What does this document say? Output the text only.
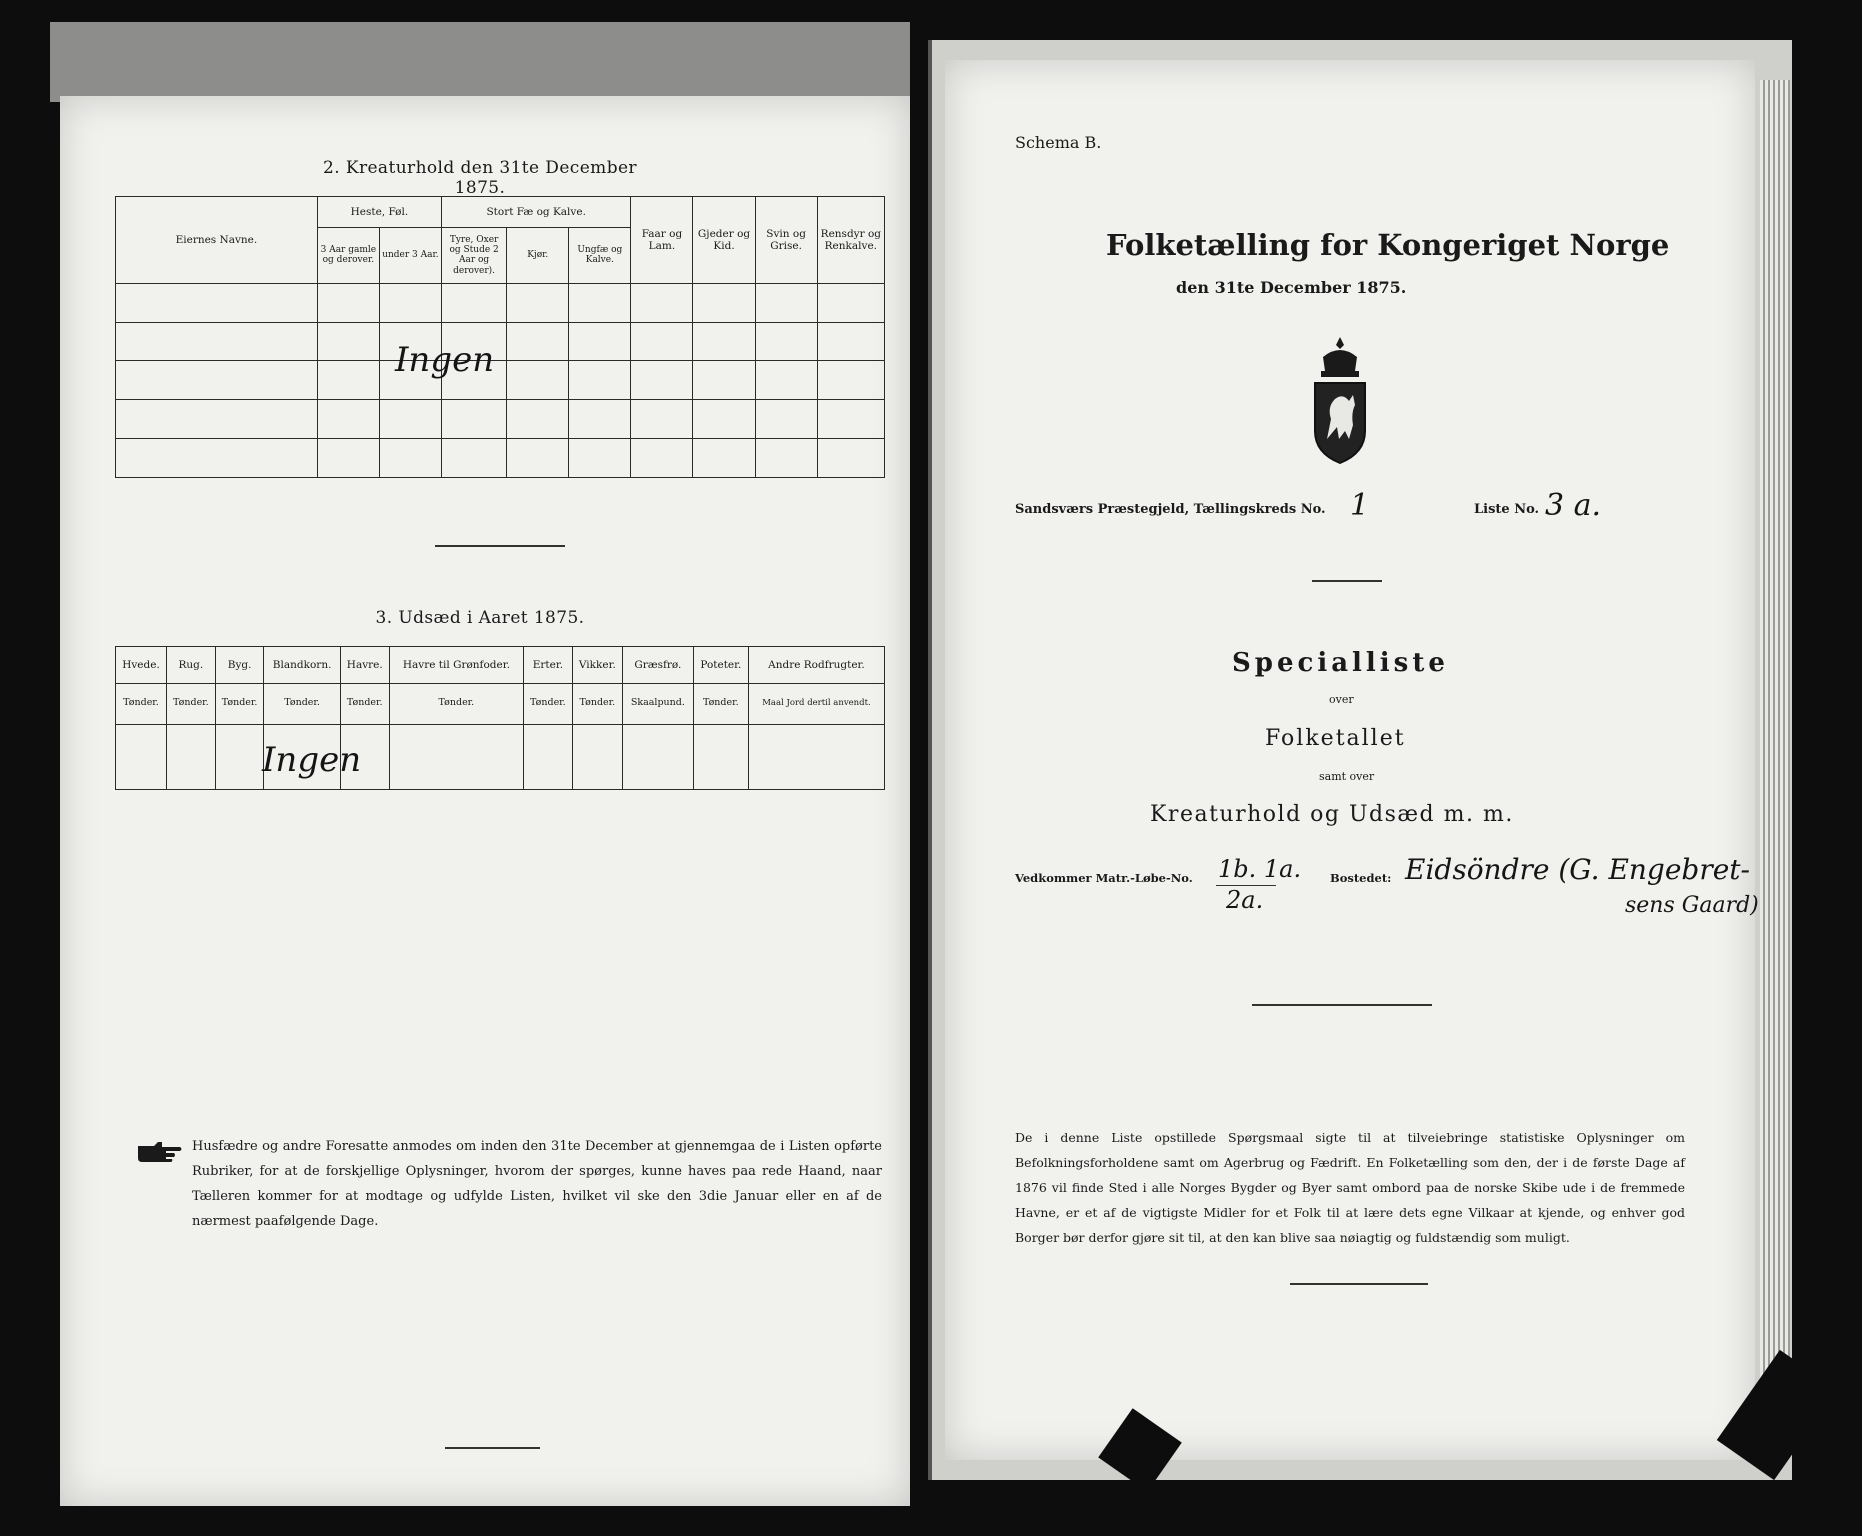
2. Kreaturhold den 31te December 1875.
Eiernes Navne.	Heste, Føl.		Stort Fæ og Kalve.			Faar og Lam.	Gjeder og Kid.	Svin og Grise.	Rensdyr og Renkalve.
	3 Aar gamle og derover.	under 3 Aar.	Tyre, Oxer og Stude 2 Aar og derover).	Kjør.	Ungfæ og Kalve.				

Ingen
3. Udsæd i Aaret 1875.
Hvede.	Rug.	Byg.	Blandkorn.	Havre.	Havre til Grønfoder.	Erter.	Vikker.	Græsfrø.	Poteter.	Andre Rodfrugter.
Tønder.	Tønder.	Tønder.	Tønder.	Tønder.	Tønder.	Tønder.	Tønder.	Skaalpund.	Tønder.	Maal Jord dertil anvendt.

Ingen
Husfædre og andre Foresatte anmodes om inden den 31te December at gjennemgaa de i Listen opførte Rubriker, for at de forskjellige Oplysninger, hvorom der spørges, kunne haves paa rede Haand, naar Tælleren kommer for at modtage og udfylde Listen, hvilket vil ske den 3die Januar eller en af de nærmest paafølgende Dage.
Schema B.
Folketælling for Kongeriget Norge
den 31te December 1875.
Sandsværs Præstegjeld, Tællingskreds No. 1	Liste No. 3 a.
Specialliste
over
Folketallet
samt over
Kreaturhold og Udsæd m. m.
Vedkommer Matr.-Løbe-No. 1b. 1a.
2a.
Bostedet: Eidsöndre (G. Engebret-
sens Gaard)
De i denne Liste opstillede Spørgsmaal sigte til at tilveiebringe statistiske Oplysninger om Befolkningsforholdene samt om Agerbrug og Fædrift. En Folketælling som den, der i de første Dage af 1876 vil finde Sted i alle Norges Bygder og Byer samt ombord paa de norske Skibe ude i de fremmede Havne, er et af de vigtigste Midler for et Folk til at lære dets egne Vilkaar at kjende, og enhver god Borger bør derfor gjøre sit til, at den kan blive saa nøiagtig og fuldstændig som muligt.
